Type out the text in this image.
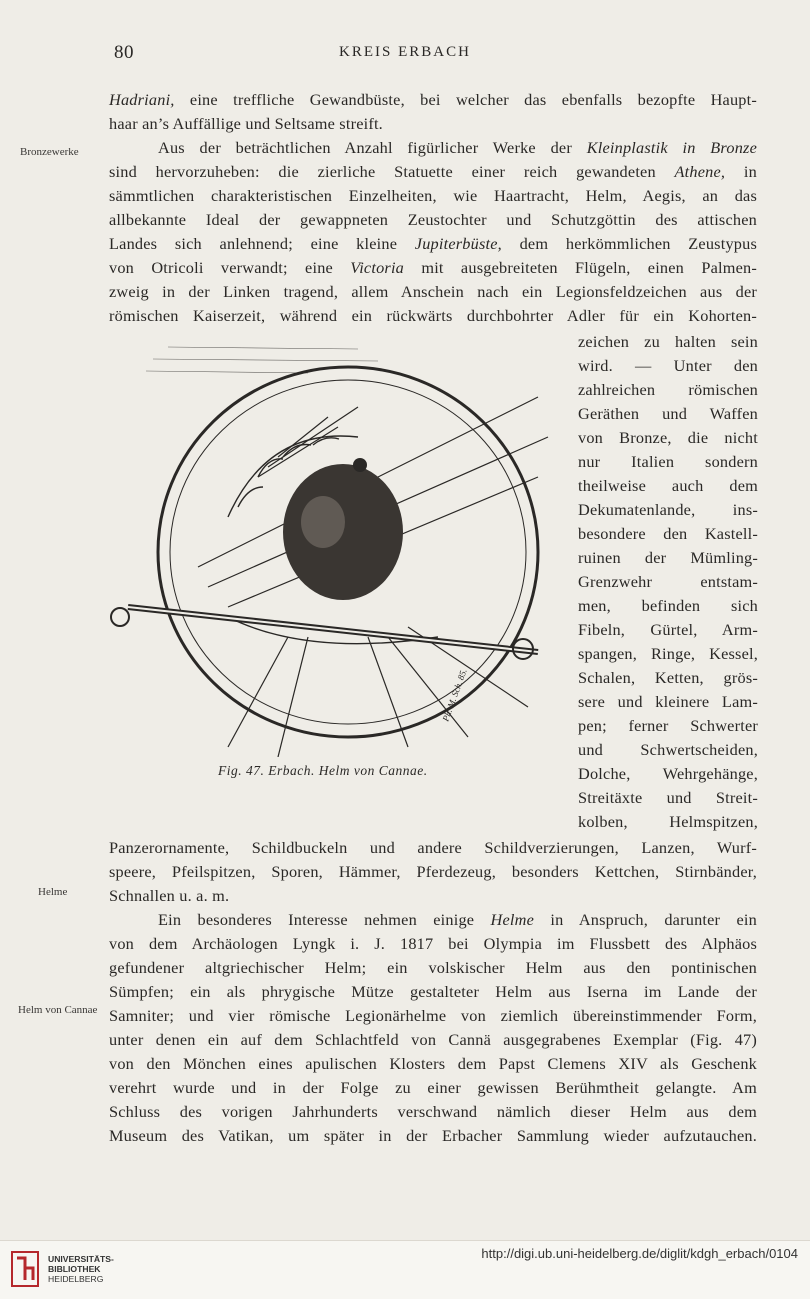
80	KREIS ERBACH
Bronzewerke
Helme
Helm von Cannae
Hadriani, eine treffliche Gewandbüste, bei welcher das ebenfalls bezopfte Haupt-
haar an’s Auffällige und Seltsame streift.
Aus der beträchtlichen Anzahl figürlicher Werke der Kleinplastik in Bronze
sind hervorzuheben: die zierliche Statuette einer reich gewandeten Athene, in
sämmtlichen charakteristischen Einzelheiten, wie Haartracht, Helm, Aegis, an das
allbekannte Ideal der gewappneten Zeustochter und Schutzgöttin des attischen
Landes sich anlehnend; eine kleine Jupiterbüste, dem herkömmlichen Zeustypus
von Otricoli verwandt; eine Victoria mit ausgebreiteten Flügeln, einen Palmen-
zweig in der Linken tragend, allem Anschein nach ein Legionsfeldzeichen aus der
römischen Kaiserzeit, während ein rückwärts durchbohrter Adler für ein Kohorten-
zeichen zu halten sein
wird. — Unter den
zahlreichen römischen
Geräthen und Waffen
von Bronze, die nicht
nur Italien sondern
theilweise auch dem
Dekumatenlande, ins-
besondere den Kastell-
ruinen der Mümling-
Grenzwehr entstam-
men, befinden sich
Fibeln, Gürtel, Arm-
spangen, Ringe, Kessel,
Schalen, Ketten, grös-
sere und kleinere Lam-
pen; ferner Schwerter
und Schwertscheiden,
Dolche, Wehrgehänge,
Streitäxte und Streit-
kolben, Helmspitzen,
Ph. M. Sch. 85.
Fig. 47. Erbach. Helm von Cannae.
Panzerornamente, Schildbuckeln und andere Schildverzierungen, Lanzen, Wurf-
speere, Pfeilspitzen, Sporen, Hämmer, Pferdezeug, besonders Kettchen, Stirnbänder,
Schnallen u. a. m.
Ein besonderes Interesse nehmen einige Helme in Anspruch, darunter ein
von dem Archäologen Lyngk i. J. 1817 bei Olympia im Flussbett des Alphäos
gefundener altgriechischer Helm; ein volskischer Helm aus den pontinischen
Sümpfen; ein als phrygische Mütze gestalteter Helm aus Iserna im Lande der
Samniter; und vier römische Legionärhelme von ziemlich übereinstimmender Form,
unter denen ein auf dem Schlachtfeld von Cannä ausgegrabenes Exemplar (Fig. 47)
von den Mönchen eines apulischen Klosters dem Papst Clemens XIV als Geschenk
verehrt wurde und in der Folge zu einer gewissen Berühmtheit gelangte. Am
Schluss des vorigen Jahrhunderts verschwand nämlich dieser Helm aus dem
Museum des Vatikan, um später in der Erbacher Sammlung wieder aufzutauchen.
UNIVERSITÄTS-
BIBLIOTHEK
HEIDELBERG
http://digi.ub.uni-heidelberg.de/diglit/kdgh_erbach/0104
